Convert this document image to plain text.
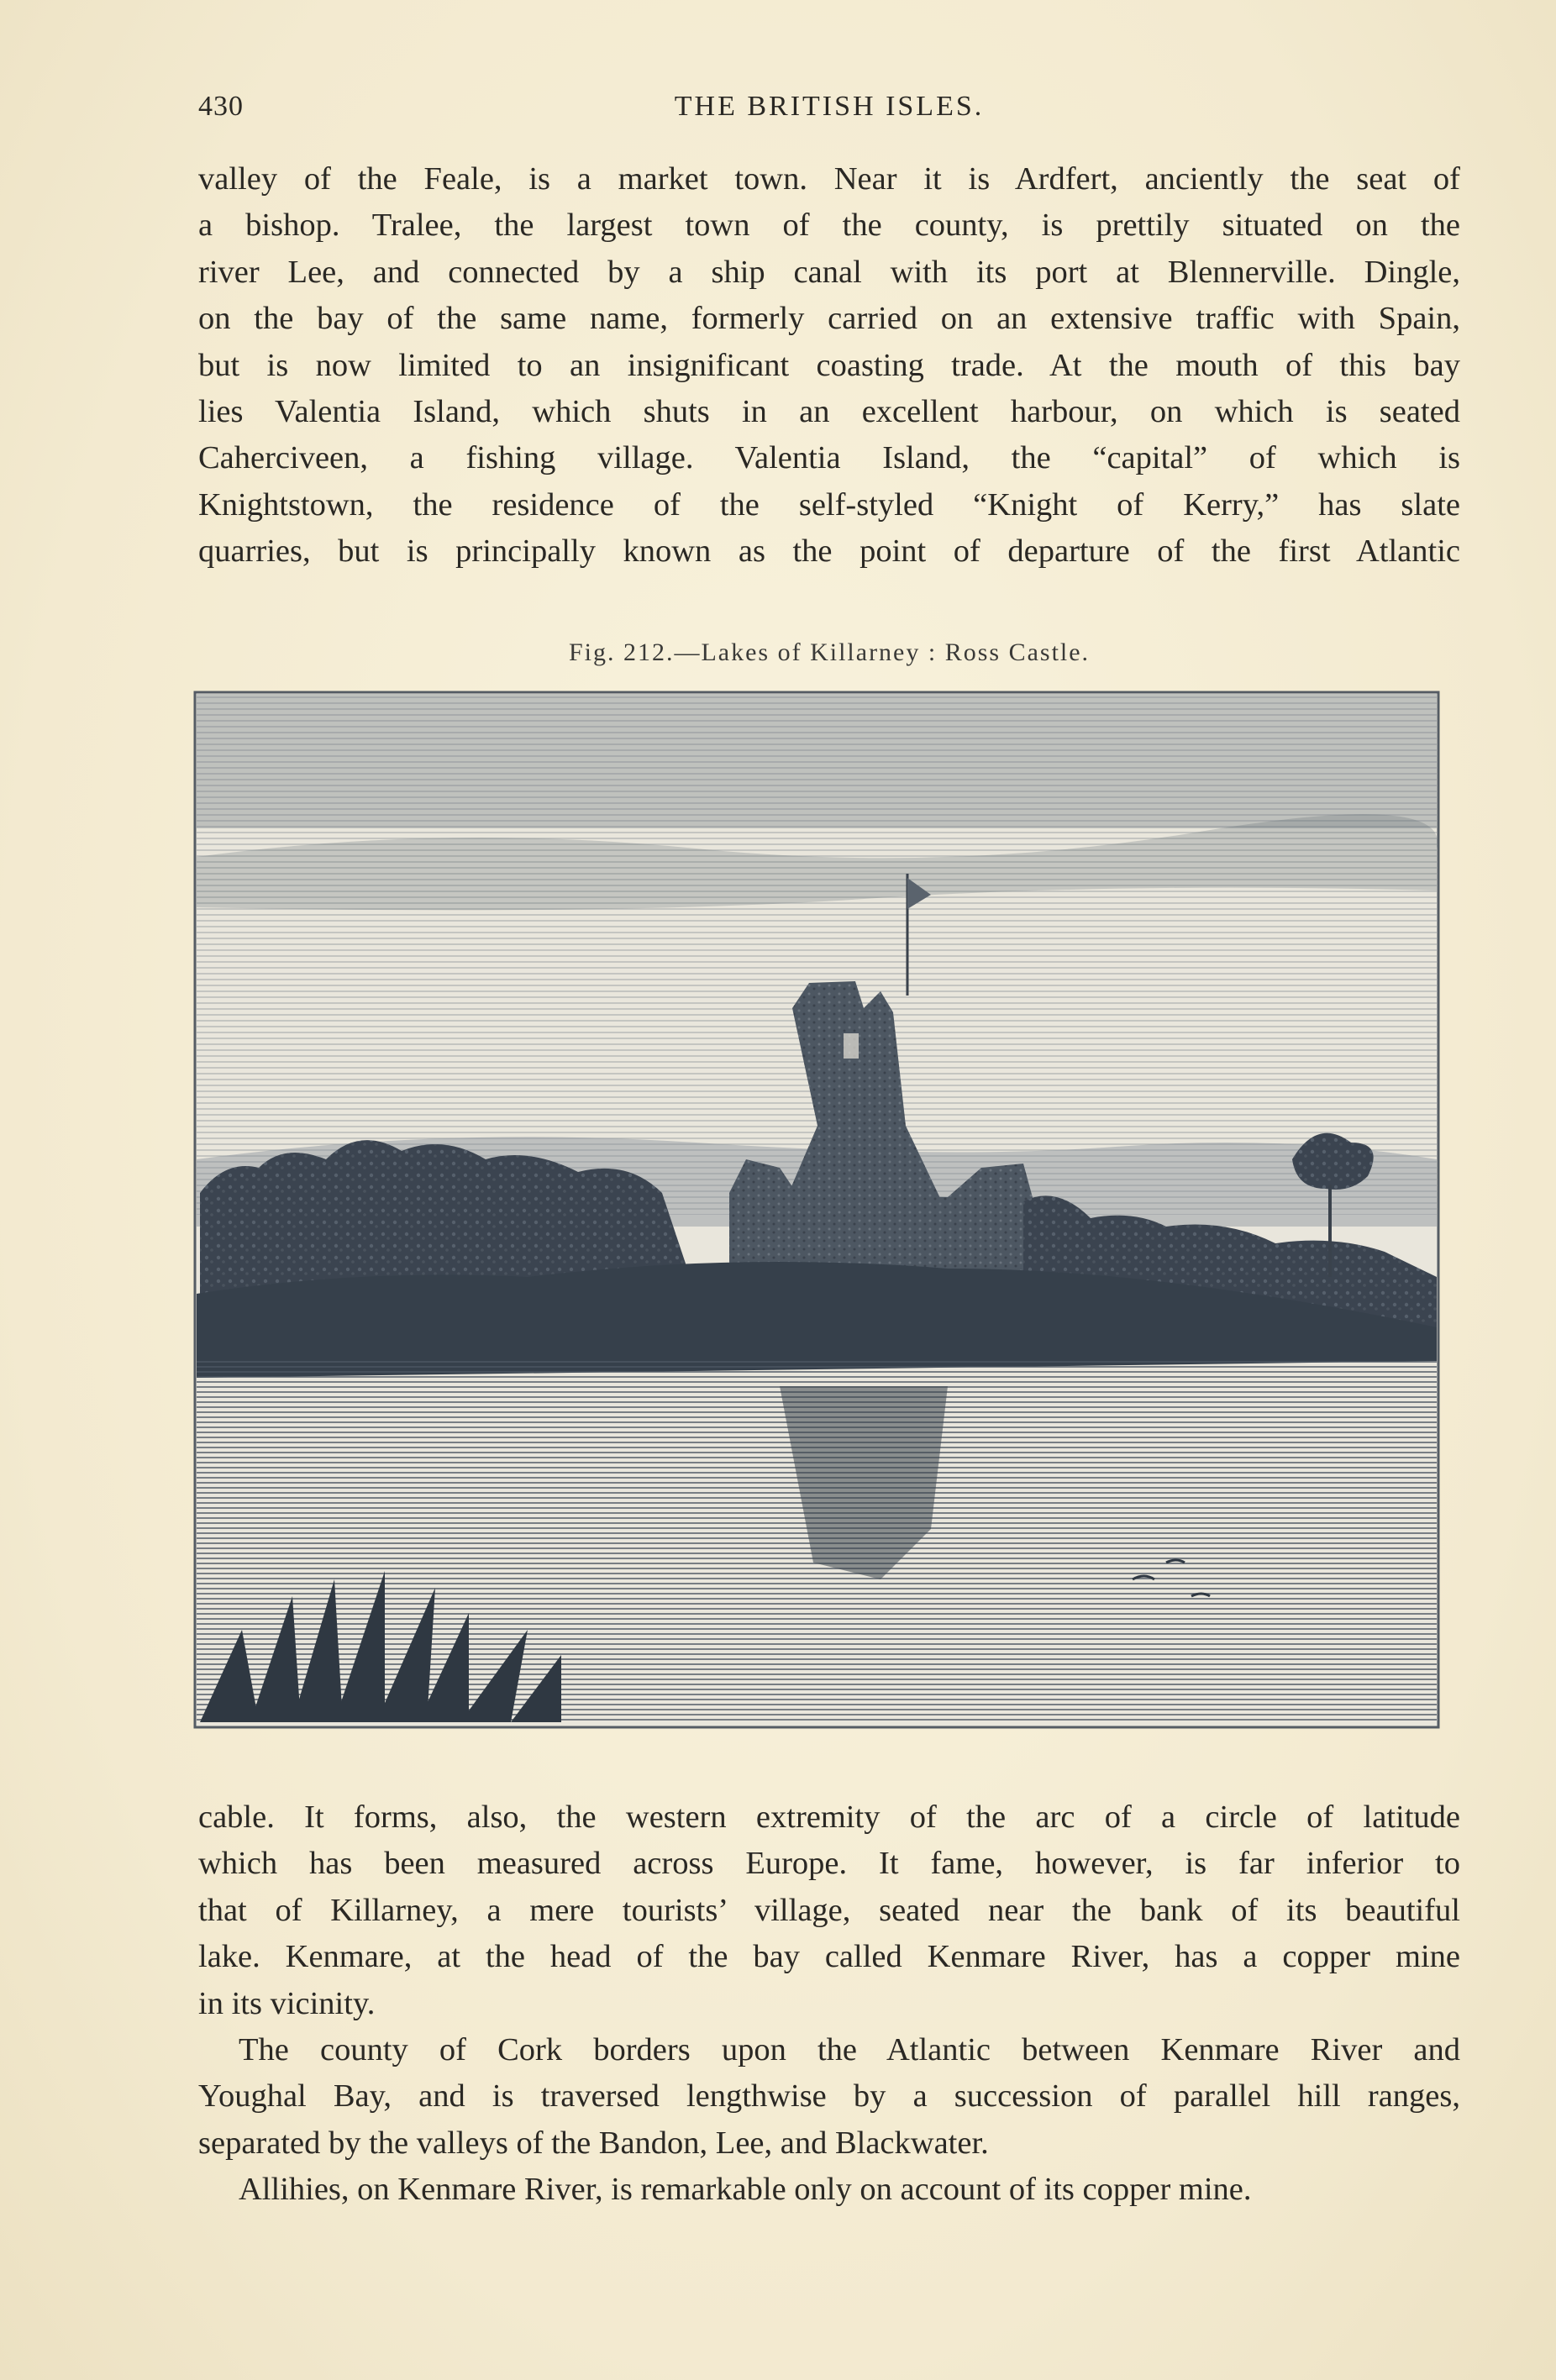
430	THE BRITISH ISLES.
valley of the Feale, is a market town. Near it is Ardfert, anciently the seat of
a bishop. Tralee, the largest town of the county, is prettily situated on the
river Lee, and connected by a ship canal with its port at Blennerville. Dingle,
on the bay of the same name, formerly carried on an extensive traffic with Spain,
but is now limited to an insignificant coasting trade. At the mouth of this bay
lies Valentia Island, which shuts in an excellent harbour, on which is seated
Caherciveen, a fishing village. Valentia Island, the “capital” of which is
Knightstown, the residence of the self-styled “Knight of Kerry,” has slate
quarries, but is principally known as the point of departure of the first Atlantic
Fig. 212.—Lakes of Killarney : Ross Castle.
cable. It forms, also, the western extremity of the arc of a circle of latitude
which has been measured across Europe. It fame, however, is far inferior to
that of Killarney, a mere tourists’ village, seated near the bank of its beautiful
lake. Kenmare, at the head of the bay called Kenmare River, has a copper mine
in its vicinity.
The county of Cork borders upon the Atlantic between Kenmare River and
Youghal Bay, and is traversed lengthwise by a succession of parallel hill ranges,
separated by the valleys of the Bandon, Lee, and Blackwater.
Allihies, on Kenmare River, is remarkable only on account of its copper mine.
